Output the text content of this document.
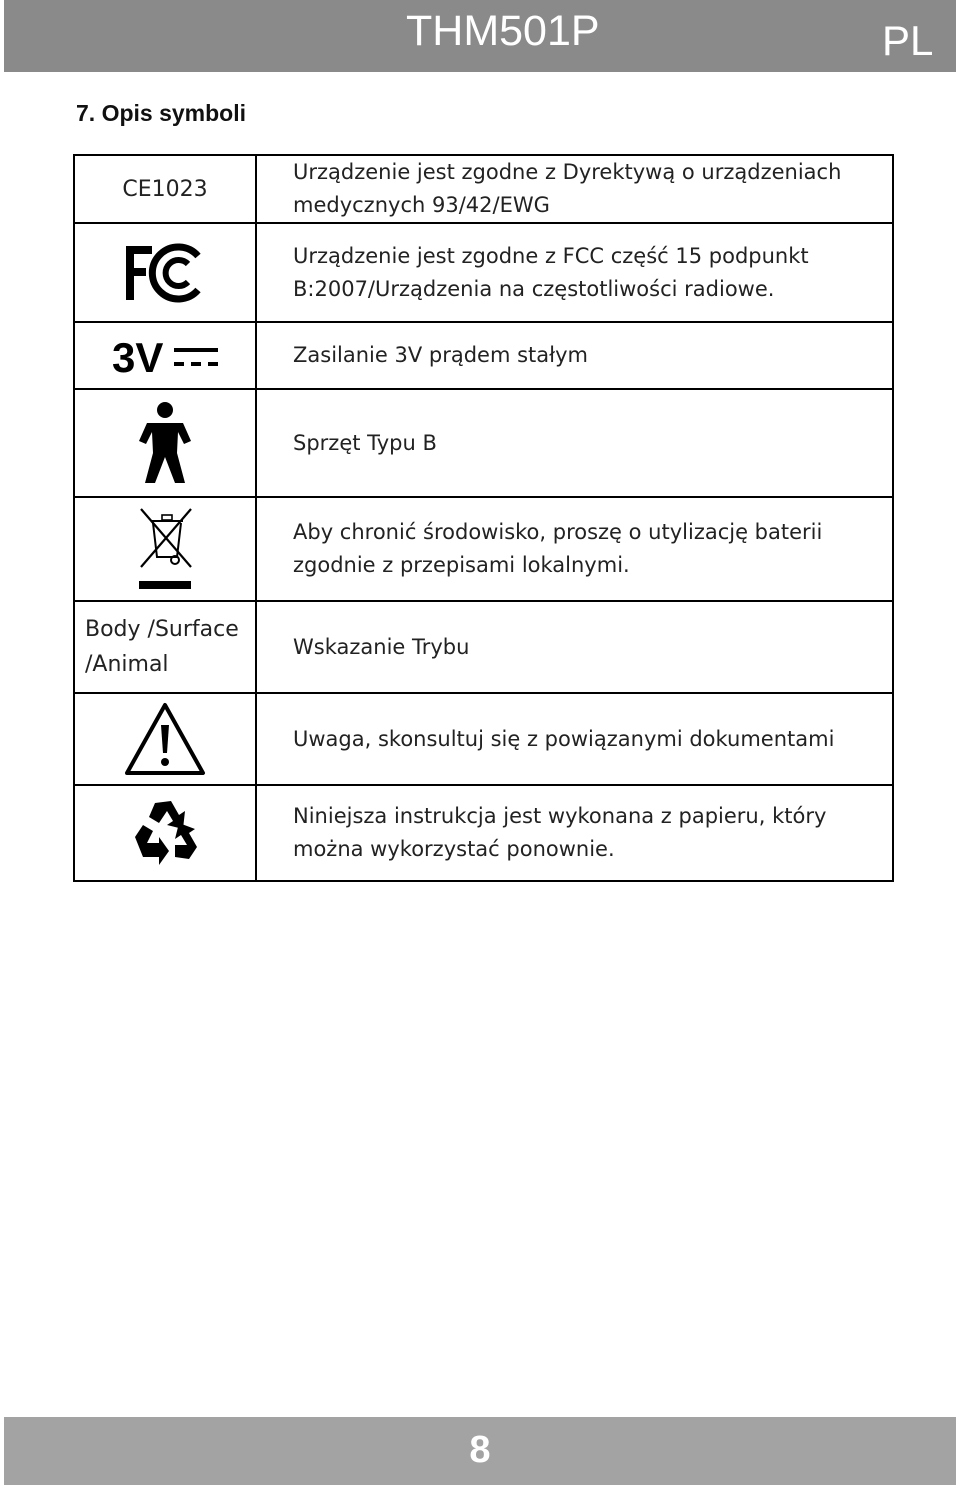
THM501P	PL
7. Opis symboli
CE1023	Urządzenie jest zgodne z Dyrektywą o urządzeniach medycznych 93/42/EWG

	Urządzenie jest zgodne z FCC część 15 podpunkt B:2007/Urządzenia na częstotliwości radiowe.

3V	Zasilanie 3V prądem stałym

	Sprzęt Typu B

	Aby chronić środowisko, proszę o utylizację baterii zgodnie z przepisami lokalnymi.

Body /Surface /Animal	Wskazanie Trybu

	Uwaga, skonsultuj się z powiązanymi dokumentami

	Niniejsza instrukcja jest wykonana z papieru, który można wykorzystać ponownie.
8
